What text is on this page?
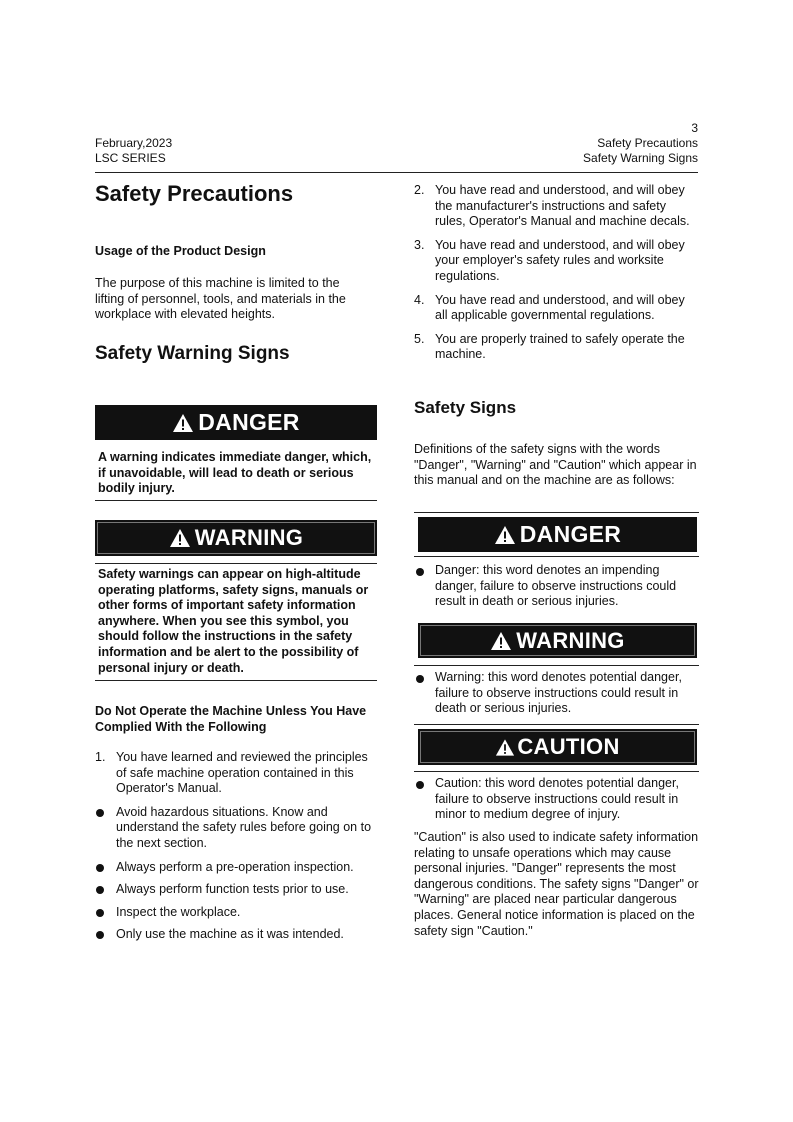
3
February,2023
LSC SERIES
Safety Precautions
Safety Warning Signs
Safety Precautions
Usage of the Product Design
The purpose of this machine is limited to the lifting of personnel, tools, and materials in the workplace with elevated heights.
Safety Warning Signs
DANGER
A warning indicates immediate danger, which, if unavoidable, will lead to death or serious bodily injury.
WARNING
Safety warnings can appear on high-altitude operating platforms, safety signs, manuals or other forms of important safety information anywhere. When you see this symbol, you should follow the instructions in the safety information and be alert to the possibility of personal injury or death.
Do Not Operate the Machine Unless You Have Complied With the Following
1. You have learned and reviewed the principles of safe machine operation contained in this Operator's Manual.
Avoid hazardous situations. Know and understand the safety rules before going on to the next section.
Always perform a pre-operation inspection.
Always perform function tests prior to use.
Inspect the workplace.
Only use the machine as it was intended.
2. You have read and understood, and will obey the manufacturer's instructions and safety rules, Operator's Manual and machine decals.
3. You have read and understood, and will obey your employer's safety rules and worksite regulations.
4. You have read and understood, and will obey all applicable governmental regulations.
5. You are properly trained to safely operate the machine.
Safety Signs
Definitions of the safety signs with the words "Danger", "Warning" and "Caution" which appear in this manual and on the machine are as follows:
DANGER
Danger: this word denotes an impending danger, failure to observe instructions could result in death or serious injuries.
WARNING
Warning: this word denotes potential danger, failure to observe instructions could result in death or serious injuries.
CAUTION
Caution: this word denotes potential danger, failure to observe instructions could result in minor to medium degree of injury.
"Caution" is also used to indicate safety information relating to unsafe operations which may cause personal injuries. "Danger" represents the most dangerous conditions. The safety signs "Danger" or "Warning" are placed near particular dangerous places. General notice information is placed on the safety sign "Caution."
